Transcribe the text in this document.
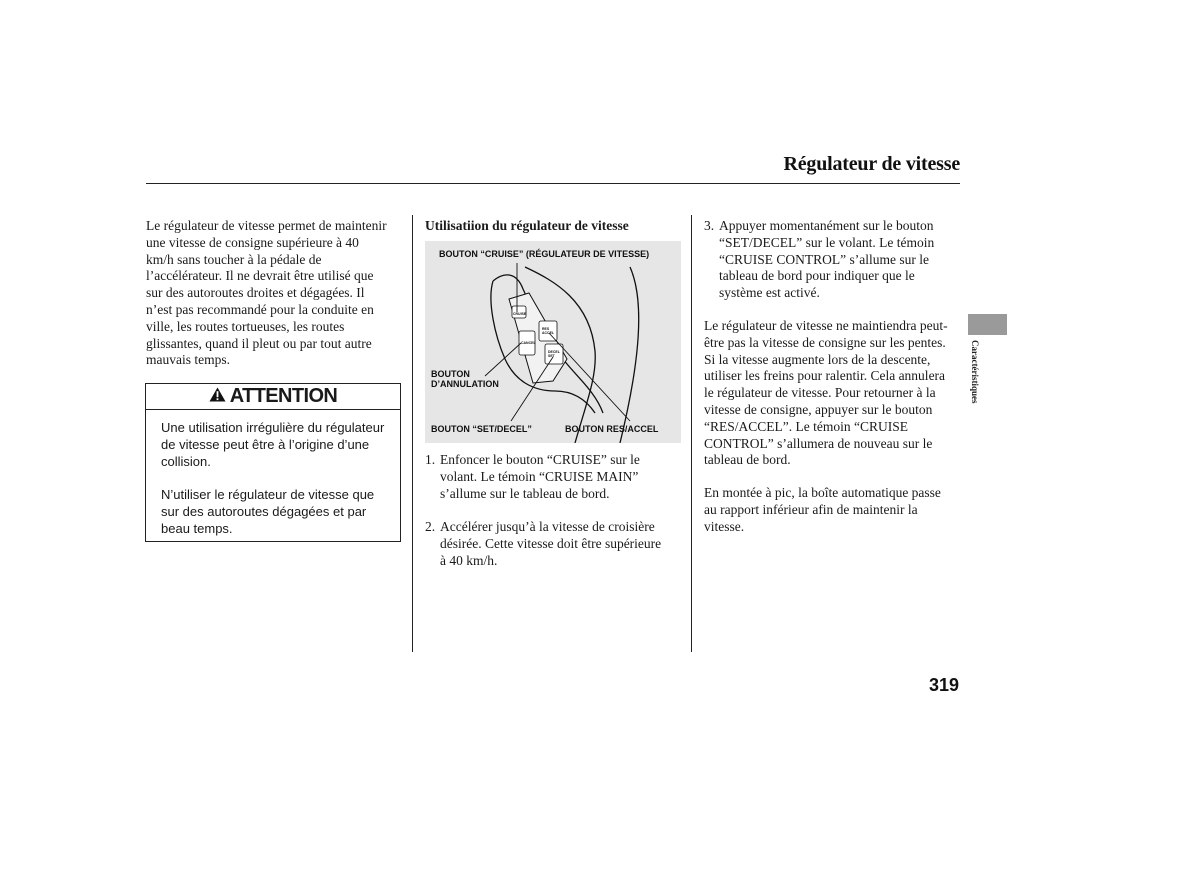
Régulateur de vitesse
Le régulateur de vitesse permet de maintenir
une vitesse de consigne supérieure à 40
km/h sans toucher à la pédale de
l’accélérateur. Il ne devrait être utilisé que
sur des autoroutes droites et dégagées. Il
n’est pas recommandé pour la conduite en
ville, les routes tortueuses, les routes
glissantes, quand il pleut ou par tout autre
mauvais temps.
ATTENTION
Une utilisation irrégulière du régulateur
de vitesse peut être à l’origine d’une
collision.
N’utiliser le régulateur de vitesse que
sur des autoroutes dégagées et par
beau temps.
Utilisatiion du régulateur de vitesse
BOUTON “CRUISE” (RÉGULATEUR DE VITESSE)
BOUTON
D’ANNULATION
BOUTON “SET/DECEL”	BOUTON RES/ACCEL
CRUISE
CANCEL
RES
ACCEL
DECEL
SET
1. Enfoncer le bouton “CRUISE” sur le
volant. Le témoin “CRUISE MAIN”
s’allume sur le tableau de bord.
2. Accélérer jusqu’à la vitesse de croisière
désirée. Cette vitesse doit être supérieure
à 40 km/h.
3. Appuyer momentanément sur le bouton
“SET/DECEL” sur le volant. Le témoin
“CRUISE CONTROL” s’allume sur le
tableau de bord pour indiquer que le
système est activé.
Le régulateur de vitesse ne maintiendra peut-
être pas la vitesse de consigne sur les pentes.
Si la vitesse augmente lors de la descente,
utiliser les freins pour ralentir. Cela annulera
le régulateur de vitesse. Pour retourner à la
vitesse de consigne, appuyer sur le bouton
“RES/ACCEL”. Le témoin “CRUISE
CONTROL” s’allumera de nouveau sur le
tableau de bord.
En montée à pic, la boîte automatique passe
au rapport inférieur afin de maintenir la
vitesse.
Caractéristiques
319
